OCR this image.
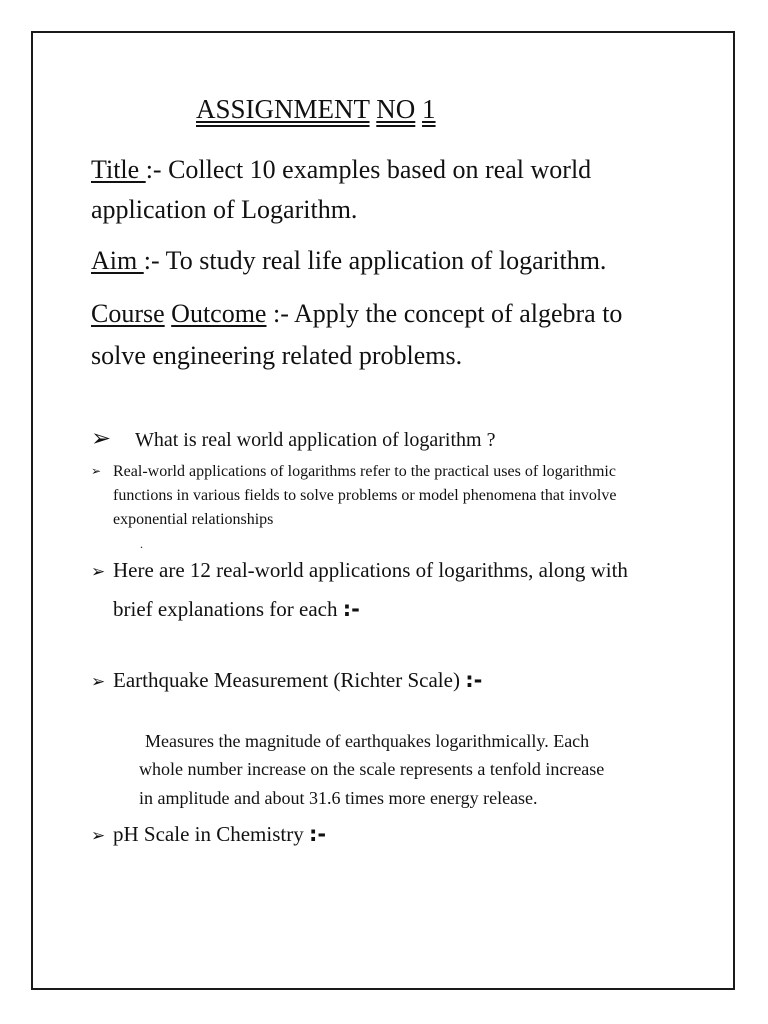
ASSIGNMENT NO 1
Title :- Collect 10 examples based on real world
application of Logarithm.
Aim :- To study real life application of logarithm.
Course Outcome :- Apply the concept of algebra to
solve engineering related problems.
➢ What is real world application of logarithm ?
➢ Real-world applications of logarithms refer to the practical uses of logarithmic
functions in various fields to solve problems or model phenomena that involve
exponential relationships
.
➢ Here are 12 real-world applications of logarithms, along with
brief explanations for each :-
➢ Earthquake Measurement (Richter Scale) :-
Measures the magnitude of earthquakes logarithmically. Each
whole number increase on the scale represents a tenfold increase
in amplitude and about 31.6 times more energy release.
➢ pH Scale in Chemistry :-
